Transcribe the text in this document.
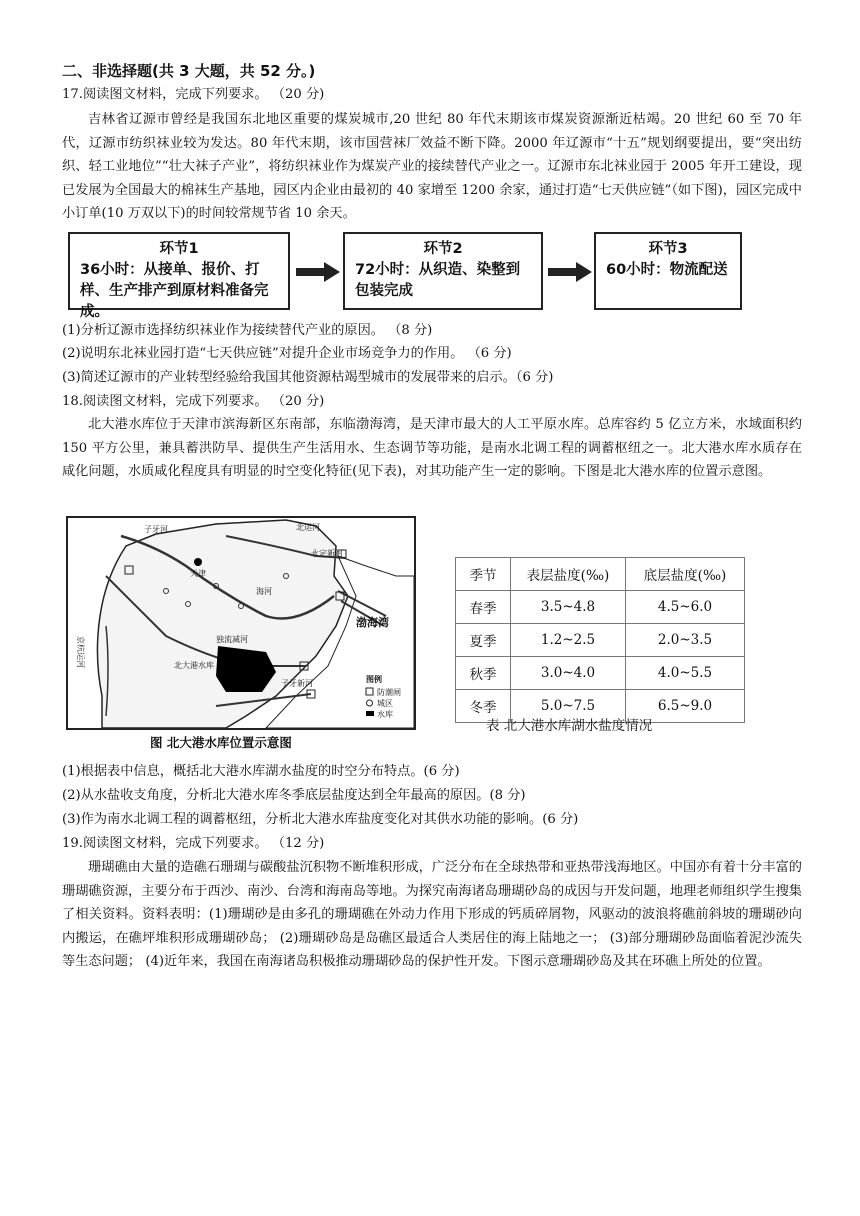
二、非选择题(共 3 大题，共 52 分。)
17.阅读图文材料，完成下列要求。 （20 分)
吉林省辽源市曾经是我国东北地区重要的煤炭城市,20 世纪 80 年代末期该市煤炭资源渐近枯竭。20 世纪 60 至 70 年代，辽源市纺织袜业较为发达。80 年代末期，该市国营袜厂效益不断下降。2000 年辽源市“十五”规划纲要提出，要“突出纺织、轻工业地位”“壮大袜子产业”，将纺织袜业作为煤炭产业的接续替代产业之一。辽源市东北袜业园于 2005 年开工建设，现已发展为全国最大的棉袜生产基地，园区内企业由最初的 40 家增至 1200 余家，通过打造“七天供应链”（如下图)，园区完成中小订单(10 万双以下)的时间较常规节省 10 余天。
环节1
36小时：从接单、报价、打样、生产排产到原材料准备完成。
环节2
72小时：从织造、染整到包装完成
环节3
60小时：物流配送
(1)分析辽源市选择纺织袜业作为接续替代产业的原因。 （8 分)
(2)说明东北袜业园打造“七天供应链”对提升企业市场竞争力的作用。 （6 分)
(3)简述辽源市的产业转型经验给我国其他资源枯竭型城市的发展带来的启示。（6 分)
18.阅读图文材料，完成下列要求。 （20 分)
北大港水库位于天津市滨海新区东南部，东临渤海湾，是天津市最大的人工平原水库。总库容约 5 亿立方米，水域面积约 150 平方公里，兼具蓄洪防旱、提供生产生活用水、生态调节等功能，是南水北调工程的调蓄枢纽之一。北大港水库水质存在咸化问题，水质咸化程度具有明显的时空变化特征(见下表)，对其功能产生一定的影响。下图是北大港水库的位置示意图。
子牙河	北运河
永定新河
天津
海河
独流减河
北大港水库
子牙新河
渤海湾
京杭运河
图例
防潮闸
城区
水库
图 北大港水库位置示意图
季节	表层盐度(‰)	底层盐度(‰)
春季	3.5~4.8	4.5~6.0
夏季	1.2~2.5	2.0~3.5
秋季	3.0~4.0	4.0~5.5
冬季	5.0~7.5	6.5~9.0
表 北大港水库湖水盐度情况
(1)根据表中信息，概括北大港水库湖水盐度的时空分布特点。(6 分)
(2)从水盐收支角度，分析北大港水库冬季底层盐度达到全年最高的原因。(8 分)
(3)作为南水北调工程的调蓄枢纽，分析北大港水库盐度变化对其供水功能的影响。(6 分)
19.阅读图文材料，完成下列要求。 （12 分)
珊瑚礁由大量的造礁石珊瑚与碳酸盐沉积物不断堆积形成，广泛分布在全球热带和亚热带浅海地区。中国亦有着十分丰富的珊瑚礁资源，主要分布于西沙、南沙、台湾和海南岛等地。为探究南海诸岛珊瑚砂岛的成因与开发问题，地理老师组织学生搜集了相关资料。资料表明：(1)珊瑚砂是由多孔的珊瑚礁在外动力作用下形成的钙质碎屑物，风驱动的波浪将礁前斜坡的珊瑚砂向内搬运，在礁坪堆积形成珊瑚砂岛； (2)珊瑚砂岛是岛礁区最适合人类居住的海上陆地之一； (3)部分珊瑚砂岛面临着泥沙流失等生态问题； (4)近年来，我国在南海诸岛积极推动珊瑚砂岛的保护性开发。下图示意珊瑚砂岛及其在环礁上所处的位置。
